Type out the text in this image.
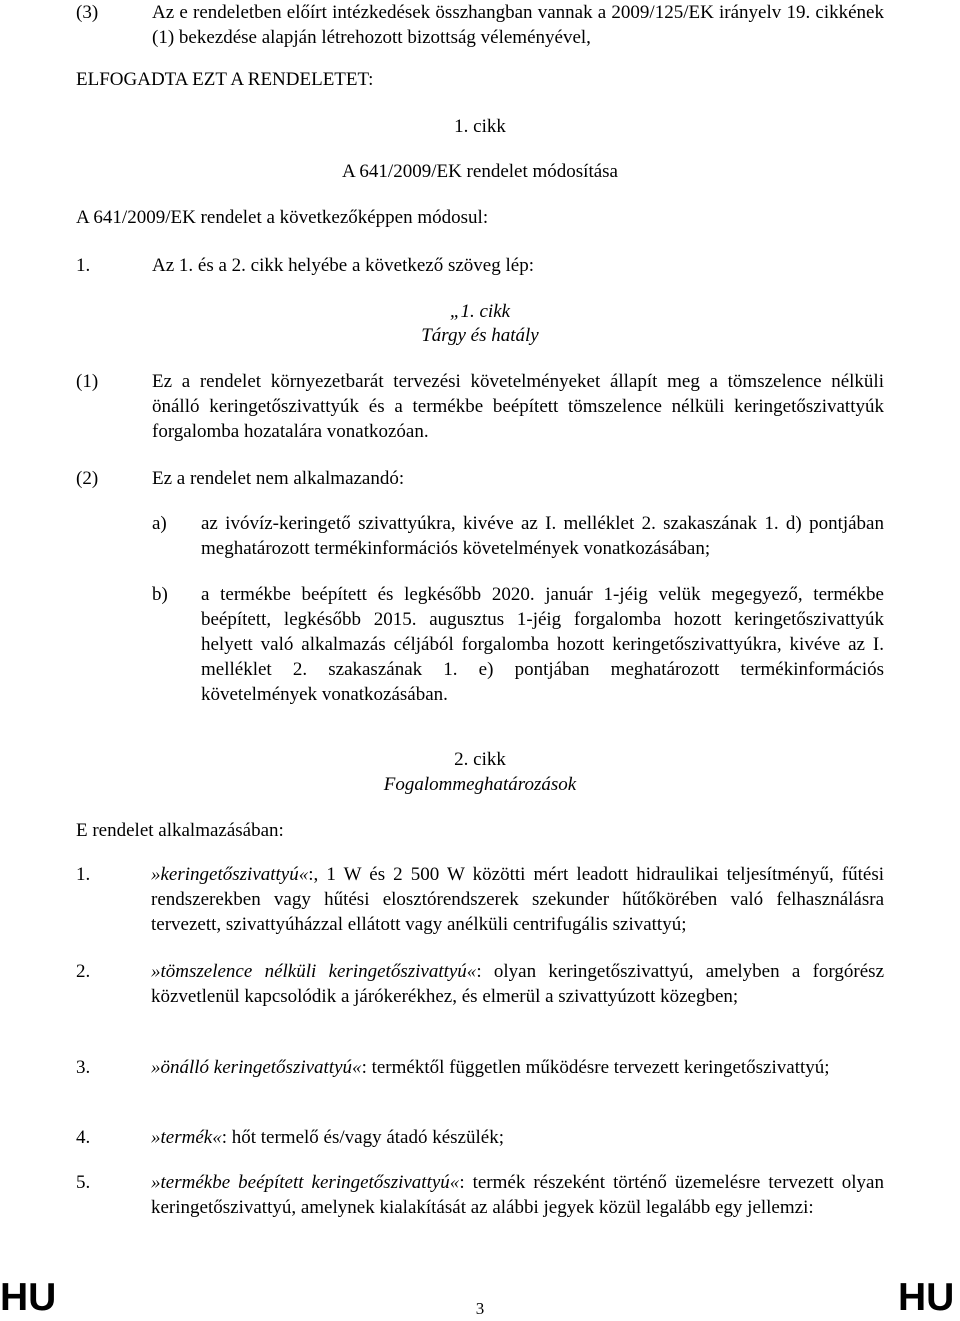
(3)	Az e rendeletben előírt intézkedések összhangban vannak a 2009/125/EK irányelv 19. cikkének (1) bekezdése alapján létrehozott bizottság véleményével,
ELFOGADTA EZT A RENDELETET:
1. cikk
A 641/2009/EK rendelet módosítása
A 641/2009/EK rendelet a következőképpen módosul:
1.	Az 1. és a 2. cikk helyébe a következő szöveg lép:
„1. cikk
Tárgy és hatály
(1)	Ez a rendelet környezetbarát tervezési követelményeket állapít meg a tömszelence nélküli önálló keringetőszivattyúk és a termékbe beépített tömszelence nélküli keringetőszivattyúk forgalomba hozatalára vonatkozóan.
(2)	Ez a rendelet nem alkalmazandó:
a) az ivóvíz-keringető szivattyúkra, kivéve az I. melléklet 2. szakaszának 1. d) pontjában meghatározott termékinformációs követelmények vonatkozásában;
b) a termékbe beépített és legkésőbb 2020. január 1-jéig velük megegyező, termékbe beépített, legkésőbb 2015. augusztus 1-jéig forgalomba hozott keringetőszivattyúk helyett való alkalmazás céljából forgalomba hozott keringetőszivattyúkra, kivéve az I. melléklet 2. szakaszának 1. e) pontjában meghatározott termékinformációs követelmények vonatkozásában.
2. cikk
Fogalommeghatározások
E rendelet alkalmazásában:
1.	»keringetőszivattyú«:, 1 W és 2 500 W közötti mért leadott hidraulikai teljesítményű, fűtési rendszerekben vagy hűtési elosztórendszerek szekunder hűtőkörében való felhasználásra tervezett, szivattyúházzal ellátott vagy anélküli centrifugális szivattyú;
2.	»tömszelence nélküli keringetőszivattyú«: olyan keringetőszivattyú, amelyben a forgórész közvetlenül kapcsolódik a járókerékhez, és elmerül a szivattyúzott közegben;
3.	»önálló keringetőszivattyú«: terméktől független működésre tervezett keringetőszivattyú;
4.	»termék«: hőt termelő és/vagy átadó készülék;
5.	»termékbe beépített keringetőszivattyú«: termék részeként történő üzemelésre tervezett olyan keringetőszivattyú, amelynek kialakítását az alábbi jegyek közül legalább egy jellemzi:
HU	3	HU
